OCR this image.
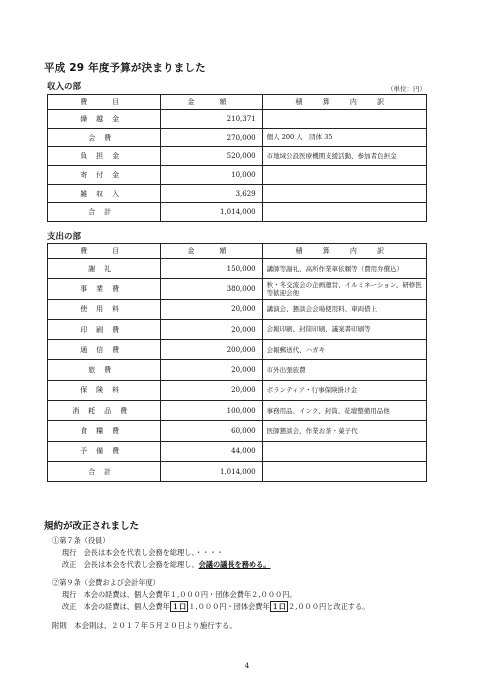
平成 29 年度予算が決まりました
収入の部	（単位：円）
費　目	金　額	積 算 内 訳
繰越金	210,371	
会費	270,000	個人 200 人　団体 35
負担金	520,000	市地域公設医療機関支援活動、参加者負担金
寄付金	10,000	
雑収入	3,629	
合計	1,014,000	
支出の部
費　目	金　額	積 算 内 訳
謝礼	150,000	講師等謝礼、高所作業車依頼等（費用弁償込）
事業費	380,000	秋・冬交流会の企画運営、イルミネーション、研修医等歓迎会他
使用料	20,000	講演会、懇談会会場使用料、車両借上
印刷費	20,000	会報印刷、封筒印刷、議案書印刷等
通信費	200,000	会報郵送代、ハガキ
旅費	20,000	市外出張旅費
保険料	20,000	ボランティア・行事保険掛け金
消耗品費	100,000	事務用品、インク、封筒、花壇整備用品他
食糧費	60,000	医師懇談会、作業お茶・菓子代
予備費	44,000	
合計	1,014,000	
規約が改正されました
①第７条（役員）
現行　会長は本会を代表し会務を総理し、・・・・
改正　会長は本会を代表し会務を総理し、会議の議長を務める。
②第９条（会費および会計年度）
現行　本会の経費は、個人会費年１,０００円・団体会費年２,０００円。
改正　本会の経費は、個人会費年 １口 １,０００円・団体会費年 １口 ２,０００円と改正する。
附則　本会則は、２０１７年５月２０日より施行する。
4
